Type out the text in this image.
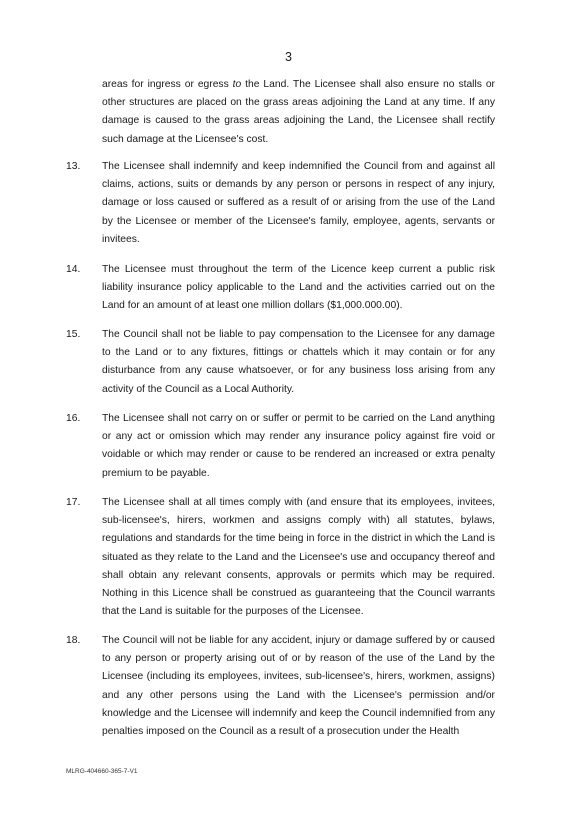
3
areas for ingress or egress to the Land. The Licensee shall also ensure no stalls or other structures are placed on the grass areas adjoining the Land at any time. If any damage is caused to the grass areas adjoining the Land, the Licensee shall rectify such damage at the Licensee's cost.
13. The Licensee shall indemnify and keep indemnified the Council from and against all claims, actions, suits or demands by any person or persons in respect of any injury, damage or loss caused or suffered as a result of or arising from the use of the Land by the Licensee or member of the Licensee's family, employee, agents, servants or invitees.
14. The Licensee must throughout the term of the Licence keep current a public risk liability insurance policy applicable to the Land and the activities carried out on the Land for an amount of at least one million dollars ($1,000.000.00).
15. The Council shall not be liable to pay compensation to the Licensee for any damage to the Land or to any fixtures, fittings or chattels which it may contain or for any disturbance from any cause whatsoever, or for any business loss arising from any activity of the Council as a Local Authority.
16. The Licensee shall not carry on or suffer or permit to be carried on the Land anything or any act or omission which may render any insurance policy against fire void or voidable or which may render or cause to be rendered an increased or extra penalty premium to be payable.
17. The Licensee shall at all times comply with (and ensure that its employees, invitees, sub-licensee's, hirers, workmen and assigns comply with) all statutes, bylaws, regulations and standards for the time being in force in the district in which the Land is situated as they relate to the Land and the Licensee's use and occupancy thereof and shall obtain any relevant consents, approvals or permits which may be required. Nothing in this Licence shall be construed as guaranteeing that the Council warrants that the Land is suitable for the purposes of the Licensee.
18. The Council will not be liable for any accident, injury or damage suffered by or caused to any person or property arising out of or by reason of the use of the Land by the Licensee (including its employees, invitees, sub-licensee's, hirers, workmen, assigns) and any other persons using the Land with the Licensee's permission and/or knowledge and the Licensee will indemnify and keep the Council indemnified from any penalties imposed on the Council as a result of a prosecution under the Health
MLRG-404660-365-7-V1
